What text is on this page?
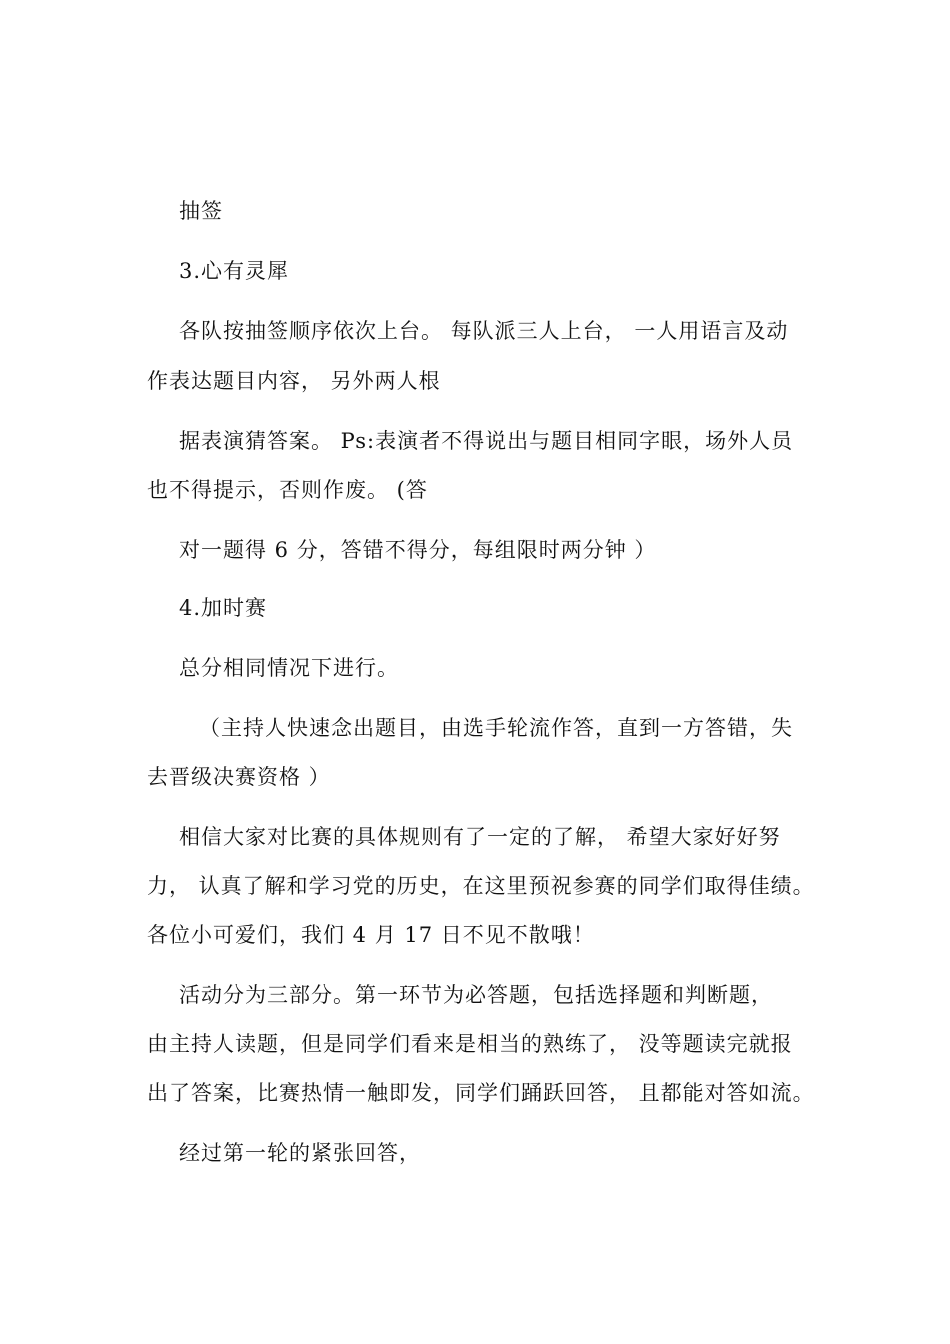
抽签
3.心有灵犀
各队按抽签顺序依次上台。 每队派三人上台， 一人用语言及动
作表达题目内容， 另外两人根
据表演猜答案。 Ps:表演者不得说出与题目相同字眼，场外人员
也不得提示，否则作废。 (答
对一题得 6 分，答错不得分，每组限时两分钟 ）
4.加时赛
总分相同情况下进行。
（主持人快速念出题目，由选手轮流作答，直到一方答错，失
去晋级决赛资格 ）
相信大家对比赛的具体规则有了一定的了解， 希望大家好好努
力， 认真了解和学习党的历史，在这里预祝参赛的同学们取得佳绩。
各位小可爱们，我们 4 月 17 日不见不散哦！
活动分为三部分。第一环节为必答题，包括选择题和判断题，
由主持人读题，但是同学们看来是相当的熟练了， 没等题读完就报
出了答案，比赛热情一触即发，同学们踊跃回答， 且都能对答如流。
经过第一轮的紧张回答，
